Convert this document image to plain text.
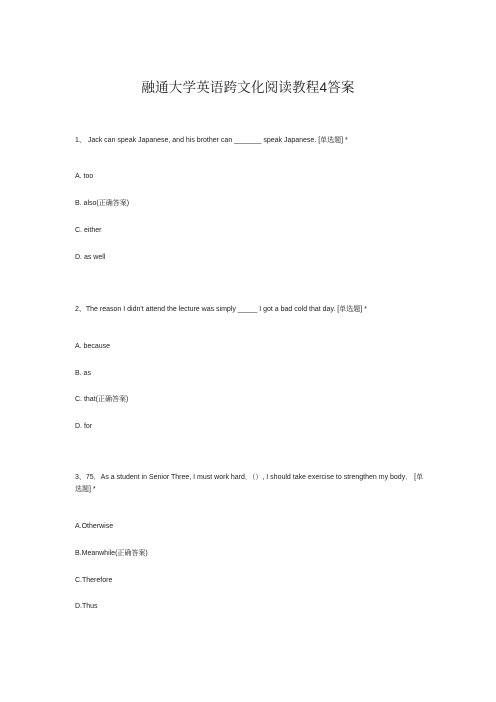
融通大学英语跨文化阅读教程4答案
1、 Jack can speak Japanese, and his brother can _______ speak Japanese. [单选题] *
A. too
B. also(正确答案)
C. either
D. as well
2、The reason I didn't attend the lecture was simply _____ I got a bad cold that day. [单选题] *
A. because
B. as
C. that(正确答案)
D. for
3、75．As a student in Senior Three, I must work hard．（）, I should take exercise to strengthen my body． [单选题] *
A.Otherwise
B.Meanwhile(正确答案)
C.Therefore
D.Thus
